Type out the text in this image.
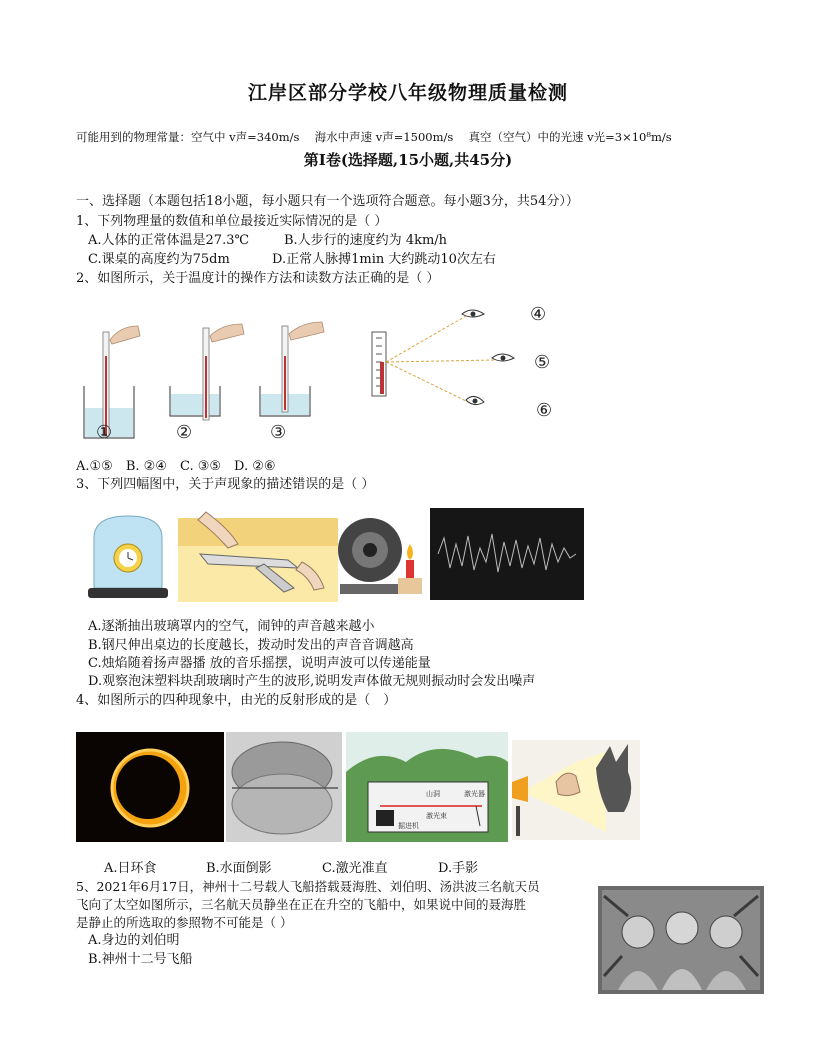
江岸区部分学校八年级物理质量检测
可能用到的物理常量：空气中 v声=340m/s　 海水中声速 v声=1500m/s　 真空（空气）中的光速 v光=3×10⁸m/s
第Ⅰ卷(选择题,15小题,共45分)
一、选择题（本题包括18小题，每小题只有一个选项符合题意。每小题3分，共54分））
1、下列物理量的数值和单位最接近实际情况的是（ ）
A.人体的正常体温是27.3℃	B.人步行的速度约为 4km/h
C.课桌的高度约为75dm	D.正常人脉搏1min 大约跳动10次左右
2、如图所示，关于温度计的操作方法和读数方法正确的是（ ）
①	②	③
④
⑤
⑥
A.①⑤　B. ②④　C. ③⑤　D. ②⑥
3、下列四幅图中，关于声现象的描述错误的是（ ）
A.逐渐抽出玻璃罩内的空气，闹钟的声音越来越小
B.钢尺伸出桌边的长度越长，拨动时发出的声音音调越高
C.烛焰随着扬声器播 放的音乐摇摆，说明声波可以传递能量
D.观察泡沫塑料块刮玻璃时产生的波形,说明发声体做无规则振动时会发出噪声
4、如图所示的四种现象中，由光的反射形成的是（　）
山洞	激光器
激光束
掘进机
A.日环食	B.水面倒影	C.激光准直	D.手影
5、2021年6月17日，神州十二号载人飞船搭载聂海胜、刘伯明、汤洪波三名航天员
飞向了太空如图所示，三名航天员静坐在正在升空的飞船中，如果说中间的聂海胜
是静止的所选取的参照物不可能是（ ）
A.身边的刘伯明
B.神州十二号飞船
